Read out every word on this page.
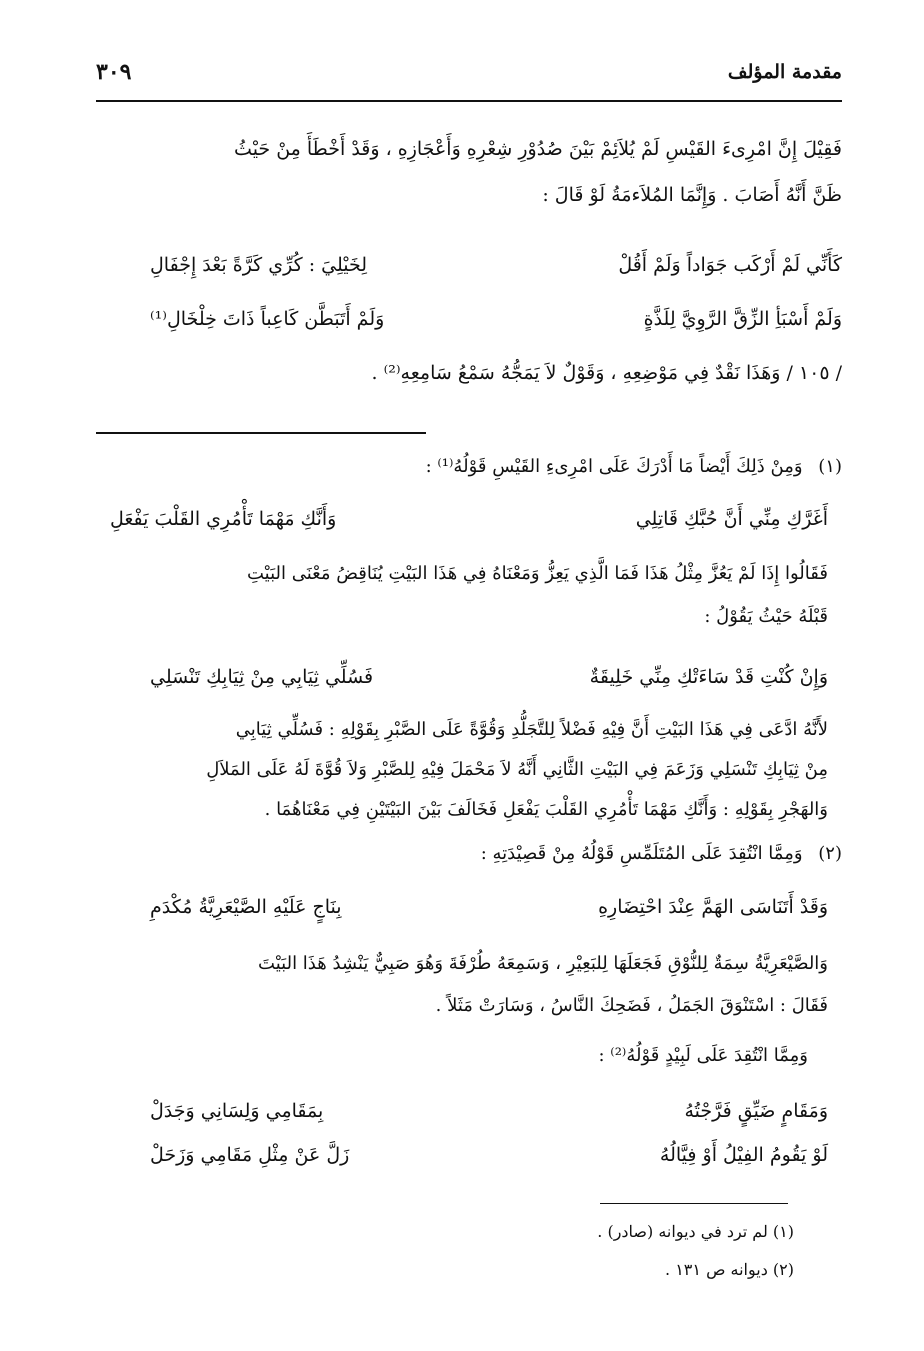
مقدمة المؤلف
٣٠٩
فَقِيْلَ إِنَّ امْرِىءَ القَيْسِ لَمْ يُلاَئِمْ بَيْنَ صُدُوْرِ شِعْرِهِ وَأَعْجَازِهِ ، وَقَدْ أَخْطَأَ مِنْ حَيْثُ
ظَنَّ أَنَّهُ أَصَابَ . وَإِنَّمَا المُلاَءمَةُ لَوْ قَالَ :
كَأَنِّي لَمْ أَرْكَب جَوَاداً وَلَمْ أَقُلْ
لِخَيْلِيَ : كُرِّي كَرَّةً بَعْدَ إِجْفَالِ
وَلَمْ أَسْبَأِ الزِّقَّ الرَّوِيَّ لِلَذَّةٍ
وَلَمْ أَتَبَطَّن كَاعِباً ذَاتَ خِلْخَالِ⁽¹⁾
/ ١٠٥ / وَهَذَا نَقْدٌ فِي مَوْضِعِهِ ، وَقَوْلٌ لاَ يَمَجُّهُ سَمْعُ سَامِعِهِ⁽²⁾ .
(١) وَمِنْ ذَلِكَ أَيْضاً مَا أَدْرَكَ عَلَى امْرِىءِ القَيْسِ قَوْلُهُ⁽¹⁾ :
أَغَرَّكِ مِنِّي أَنَّ حُبَّكِ قَاتِلِي
وَأَنَّكِ مَهْمَا تَأْمُرِي القَلْبَ يَفْعَلِ
فَقَالُوا إِذَا لَمْ يَعُزَّ مِثْلُ هَذَا فَمَا الَّذِي يَعِزُّ وَمَعْنَاهُ فِي هَذَا البَيْتِ يُنَاقِضُ مَعْنَى البَيْتِ
قَبْلَهُ حَيْثُ يَقُوْلُ :
وَإِنْ كُنْتِ قَدْ سَاءَتْكِ مِنِّي خَلِيقَةٌ
فَسُلِّي ثِيَابِي مِنْ ثِيَابِكِ تَنْسَلِي
لأَنَّهُ ادَّعَى فِي هَذَا البَيْتِ أَنَّ فِيْهِ فَضْلاً لِلتَّجَلُّدِ وَقُوَّةً عَلَى الصَّبْرِ بِقَوْلِهِ : فَسُلِّي ثِيَابِي
مِنْ ثِيَابِكِ تَنْسَلِي وَزَعَمَ فِي البَيْتِ الثَّانِي أَنَّهُ لاَ مَحْمَلَ فِيْهِ لِلصَّبْرِ وَلاَ قُوَّةَ لَهُ عَلَى المَلاَلِ
وَالهَجْرِ بِقَوْلِهِ : وَأَنَّكِ مَهْمَا تَأْمُرِي القَلْبَ يَفْعَلِ فَخَالَفَ بَيْنَ البَيْتَيْنِ فِي مَعْنَاهُمَا .
(٢) وَمِمَّا انْتُقِدَ عَلَى المُتَلَمِّسِ قَوْلُهُ مِنْ قَصِيْدَتِهِ :
وَقَدْ أَتَنَاسَى الهَمَّ عِنْدَ احْتِضَارِهِ
بِنَاجٍ عَلَيْهِ الصَّيْعَرِيَّةُ مُكْدَمِ
وَالصَّيْعَرِيَّةُ سِمَةٌ لِلنُّوْقِ فَجَعَلَهَا لِلبَعِيْرِ ، وَسَمِعَهُ طُرْفَةَ وَهُوَ صَبِيٌّ يَنْشِدُ هَذَا البَيْتَ
فَقَالَ : اسْتَنْوَقَ الجَمَلُ ، فَضَحِكَ النَّاسُ ، وَسَارَتْ مَثَلاً .
وَمِمَّا انْتُقِدَ عَلَى لَبِيْدٍ قَوْلُهُ⁽²⁾ :
وَمَقَامٍ ضَيِّقٍ فَرَّجْتُهُ
بِمَقَامِي وَلِسَانِي وَجَدَلْ
لَوْ يَقُومُ الفِيْلُ أَوْ فِيَّالُهُ
زَلَّ عَنْ مِثْلِ مَقَامِي وَزَحَلْ
(١) لم ترد في ديوانه (صادر) .
(٢) ديوانه ص ١٣١ .
